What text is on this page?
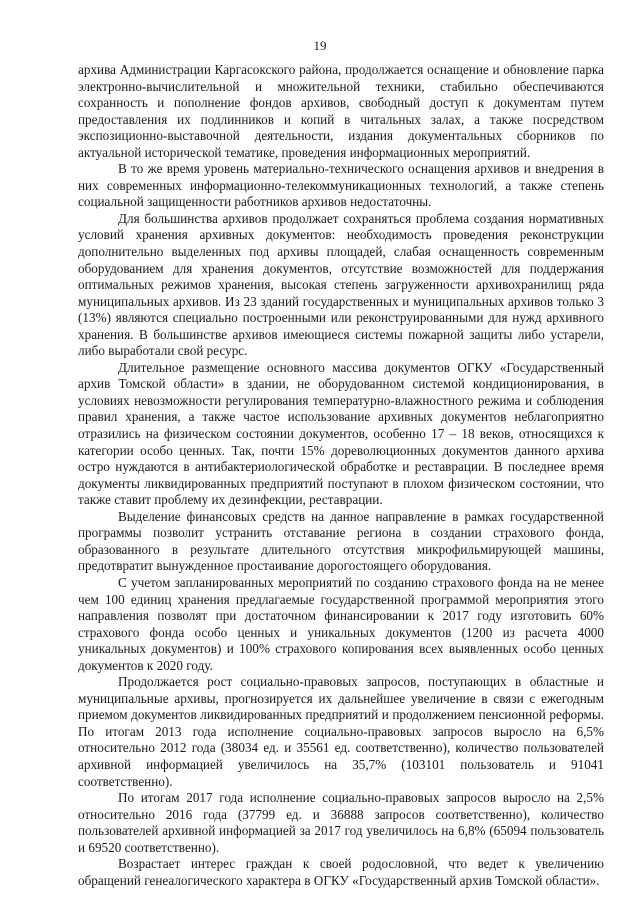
19

архива Администрации Каргасокского района, продолжается оснащение и обновление парка электронно-вычислительной и множительной техники, стабильно обеспечиваются сохранность и пополнение фондов архивов, свободный доступ к документам путем предоставления их подлинников и копий в читальных залах, а также посредством экспозиционно-выставочной деятельности, издания документальных сборников по актуальной исторической тематике, проведения информационных мероприятий.

В то же время уровень материально-технического оснащения архивов и внедрения в них современных информационно-телекоммуникационных технологий, а также степень социальной защищенности работников архивов недостаточны.

Для большинства архивов продолжает сохраняться проблема создания нормативных условий хранения архивных документов: необходимость проведения реконструкции дополнительно выделенных под архивы площадей, слабая оснащенность современным оборудованием для хранения документов, отсутствие возможностей для поддержания оптимальных режимов хранения, высокая степень загруженности архивохранилищ ряда муниципальных архивов. Из 23 зданий государственных и муниципальных архивов только 3 (13%) являются специально построенными или реконструированными для нужд архивного хранения. В большинстве архивов имеющиеся системы пожарной защиты либо устарели, либо выработали свой ресурс.

Длительное размещение основного массива документов ОГКУ «Государственный архив Томской области» в здании, не оборудованном системой кондиционирования, в условиях невозможности регулирования температурно-влажностного режима и соблюдения правил хранения, а также частое использование архивных документов неблагоприятно отразились на физическом состоянии документов, особенно 17 – 18 веков, относящихся к категории особо ценных. Так, почти 15% дореволюционных документов данного архива остро нуждаются в антибактериологической обработке и реставрации. В последнее время документы ликвидированных предприятий поступают в плохом физическом состоянии, что также ставит проблему их дезинфекции, реставрации.

Выделение финансовых средств на данное направление в рамках государственной программы позволит устранить отставание региона в создании страхового фонда, образованного в результате длительного отсутствия микрофильмирующей машины, предотвратит вынужденное простаивание дорогостоящего оборудования.

С учетом запланированных мероприятий по созданию страхового фонда на не менее чем 100 единиц хранения предлагаемые государственной программой мероприятия этого направления позволят при достаточном финансировании к 2017 году изготовить 60% страхового фонда особо ценных и уникальных документов (1200 из расчета 4000 уникальных документов) и 100% страхового копирования всех выявленных особо ценных документов к 2020 году.

Продолжается рост социально-правовых запросов, поступающих в областные и муниципальные архивы, прогнозируется их дальнейшее увеличение в связи с ежегодным приемом документов ликвидированных предприятий и продолжением пенсионной реформы. По итогам 2013 года исполнение социально-правовых запросов выросло на 6,5% относительно 2012 года (38034 ед. и 35561 ед. соответственно), количество пользователей архивной информацией увеличилось на 35,7% (103101 пользователь и 91041 соответственно).

По итогам 2017 года исполнение социально-правовых запросов выросло на 2,5% относительно 2016 года (37799 ед. и 36888 запросов соответственно), количество пользователей архивной информацией за 2017 год увеличилось на 6,8% (65094 пользователь и 69520 соответственно).

Возрастает интерес граждан к своей родословной, что ведет к увеличению обращений генеалогического характера в ОГКУ «Государственный архив Томской области».
